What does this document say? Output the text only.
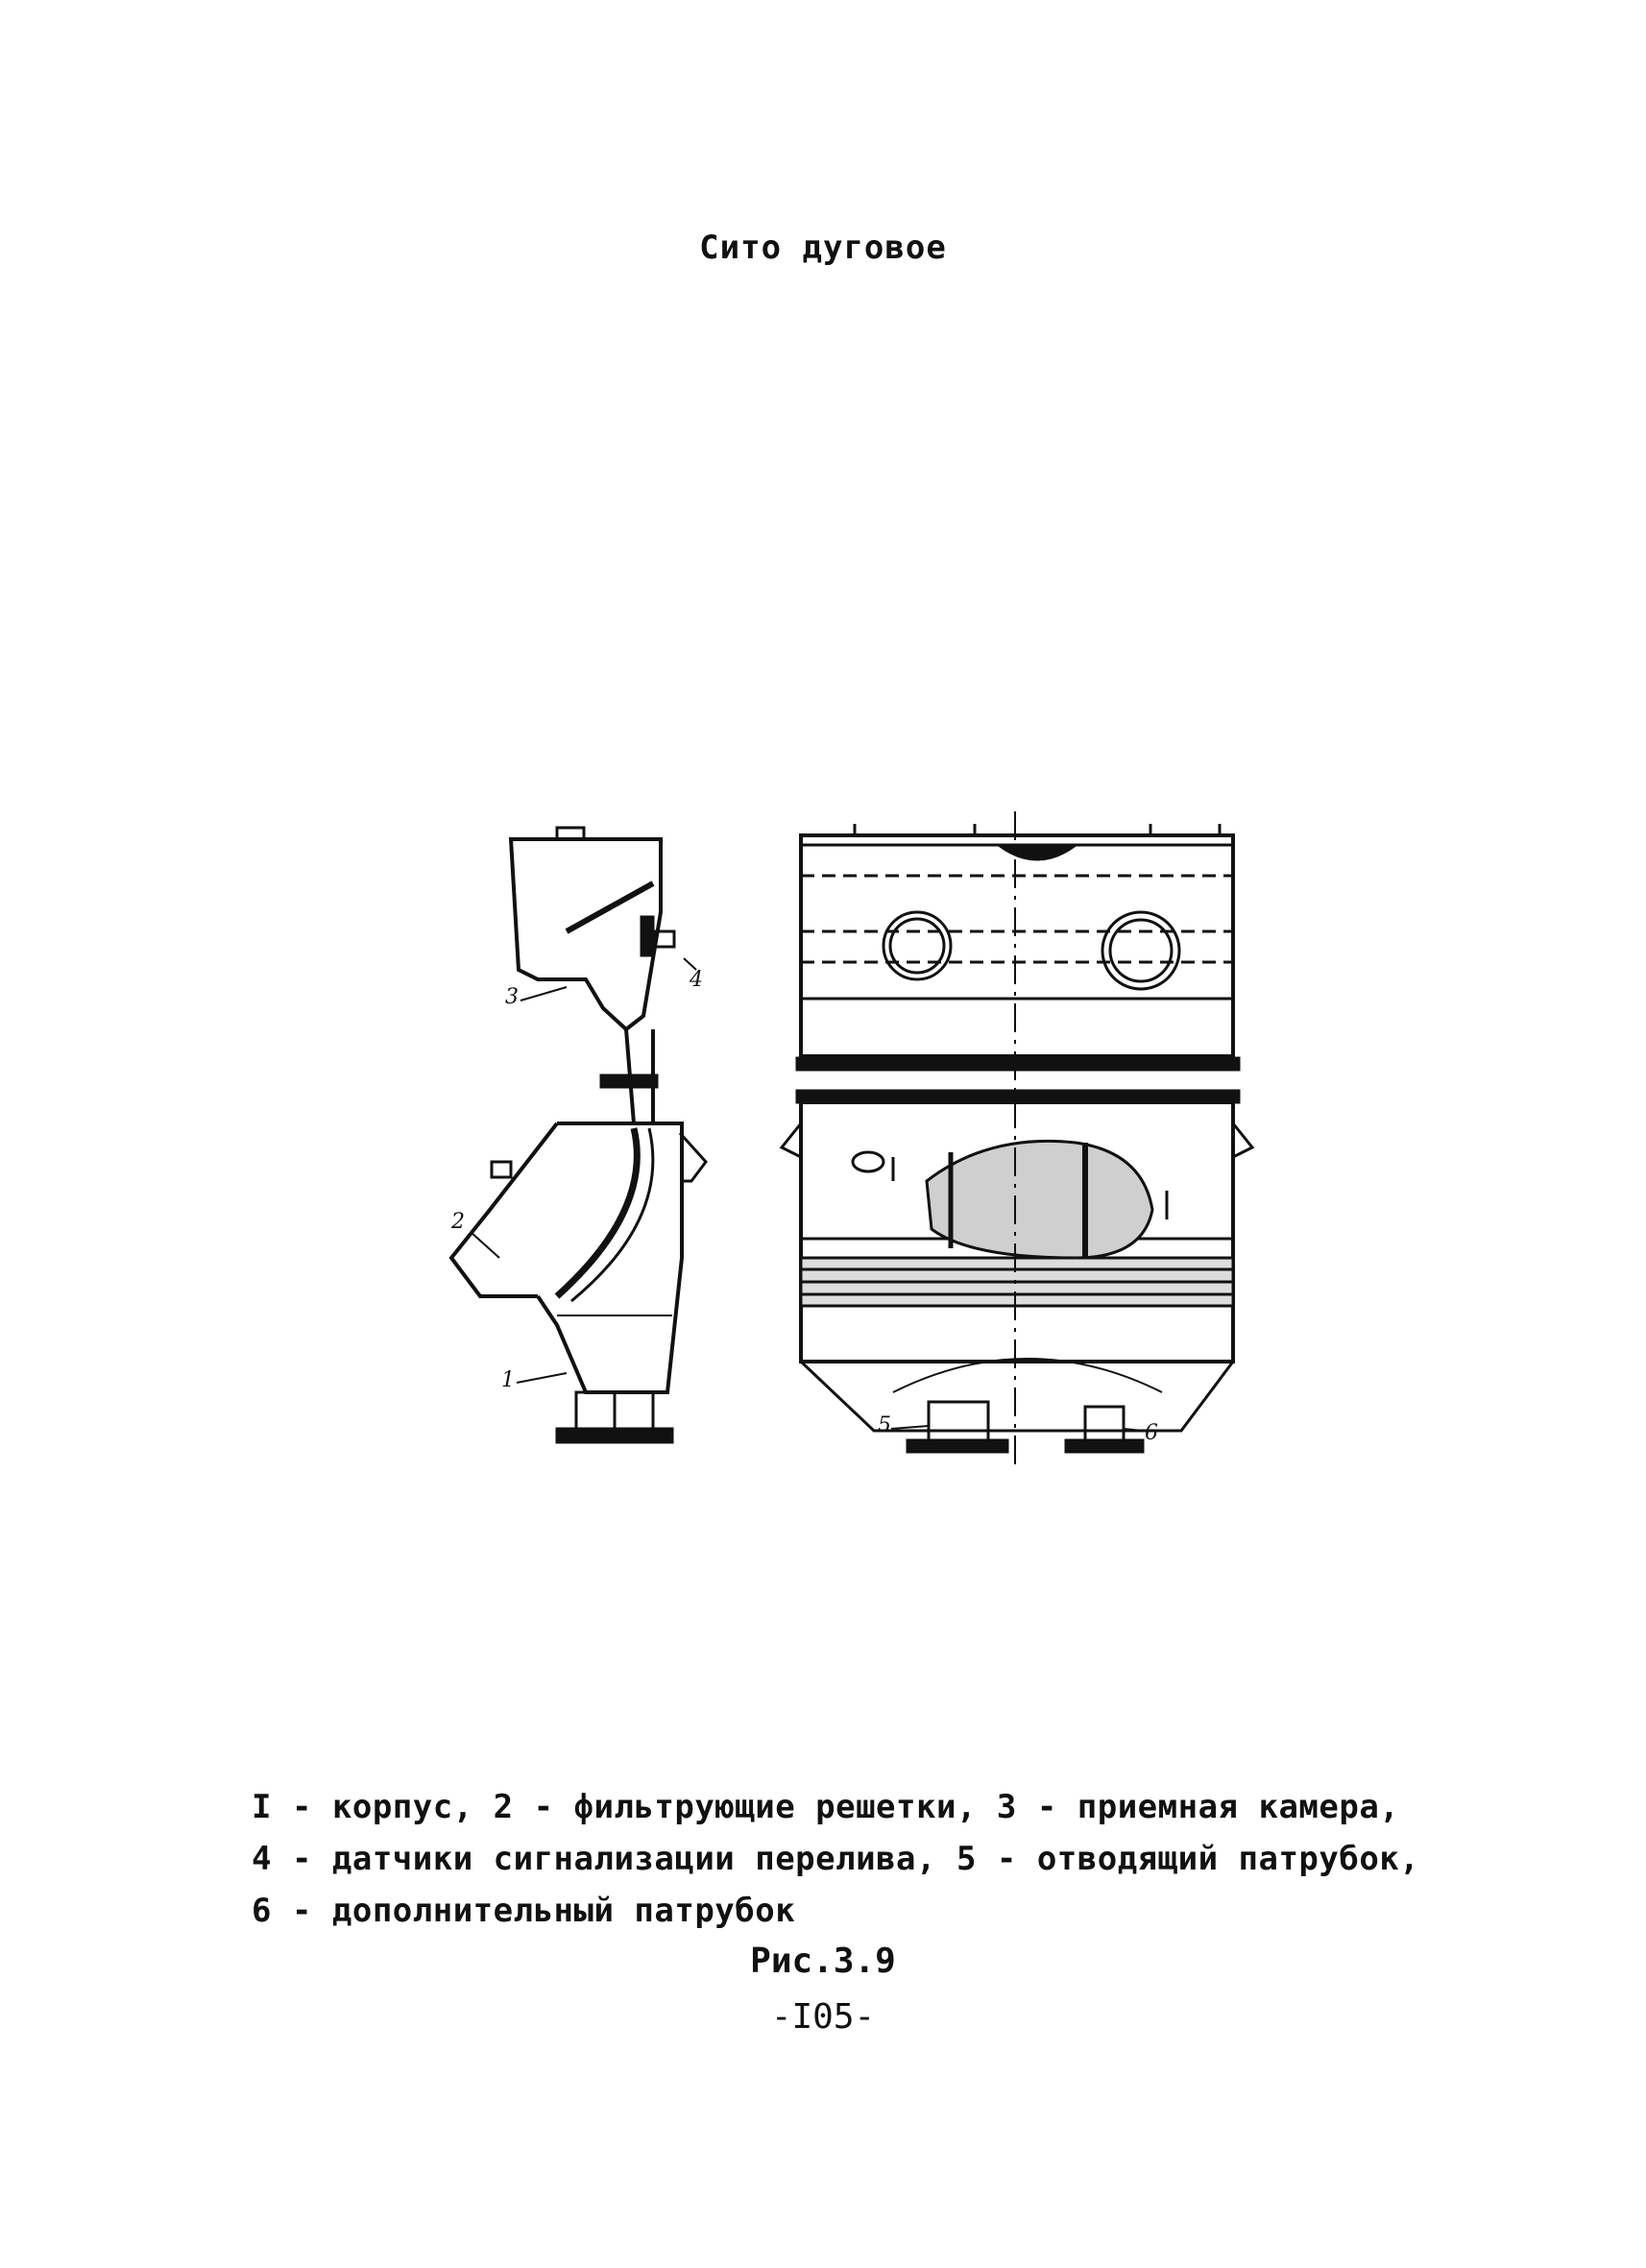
Сито дуговое
3
4
2
1
5	6
I - корпус, 2 - фильтрующие решетки, 3 - приемная камера,
4 - датчики сигнализации перелива, 5 - отводящий патрубок,
6 - дополнительный патрубок
Рис.3.9
-I05-
